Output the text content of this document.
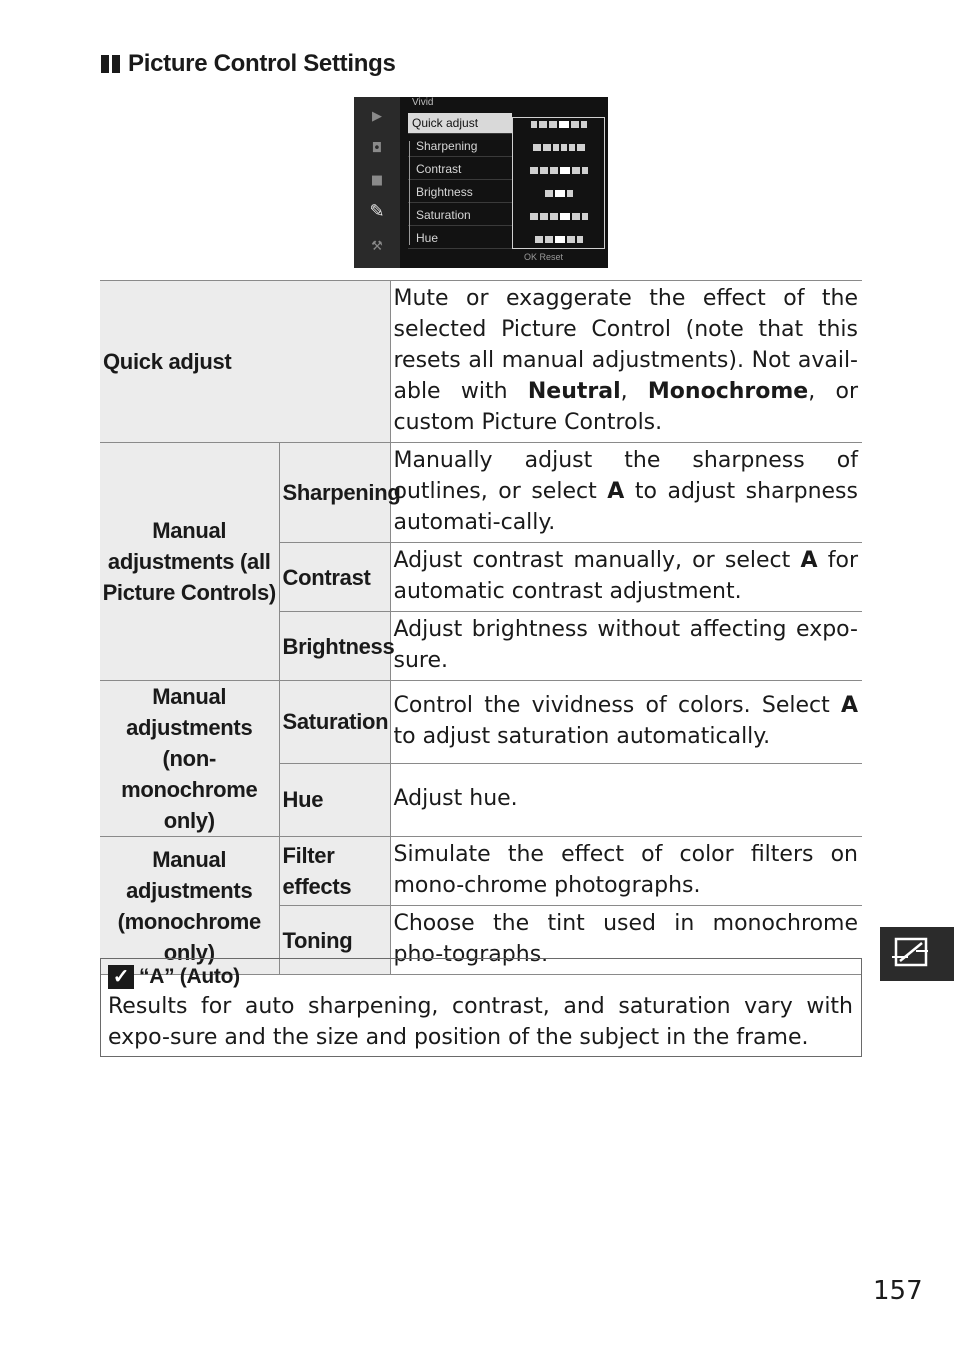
Picture Control Settings
▶
◘
■
✎
⚒
Vivid
Quick adjust
Sharpening
Contrast
Brightness
Saturation
Hue
OK Reset
Quick adjust		Mute or exaggerate the effect of the selected Picture Control (note that this resets all manual adjustments). Not avail-able with Neutral, Monochrome, or custom Picture Controls.
Manual adjustments (all Picture Controls)	Sharpening	Manually adjust the sharpness of outlines, or select A to adjust sharpness automati-cally.
	Contrast	Adjust contrast manually, or select A for automatic contrast adjustment.
	Brightness	Adjust brightness without affecting expo-sure.
Manual adjustments (non-monochrome only)	Saturation	Control the vividness of colors. Select A to adjust saturation automatically.
	Hue	Adjust hue.
Manual adjustments (monochrome only)	Filter effects	Simulate the effect of color filters on mono-chrome photographs.
	Toning	Choose the tint used in monochrome pho-tographs.
✓ “A” (Auto)
Results for auto sharpening, contrast, and saturation vary with expo-sure and the size and position of the subject in the frame.
157
